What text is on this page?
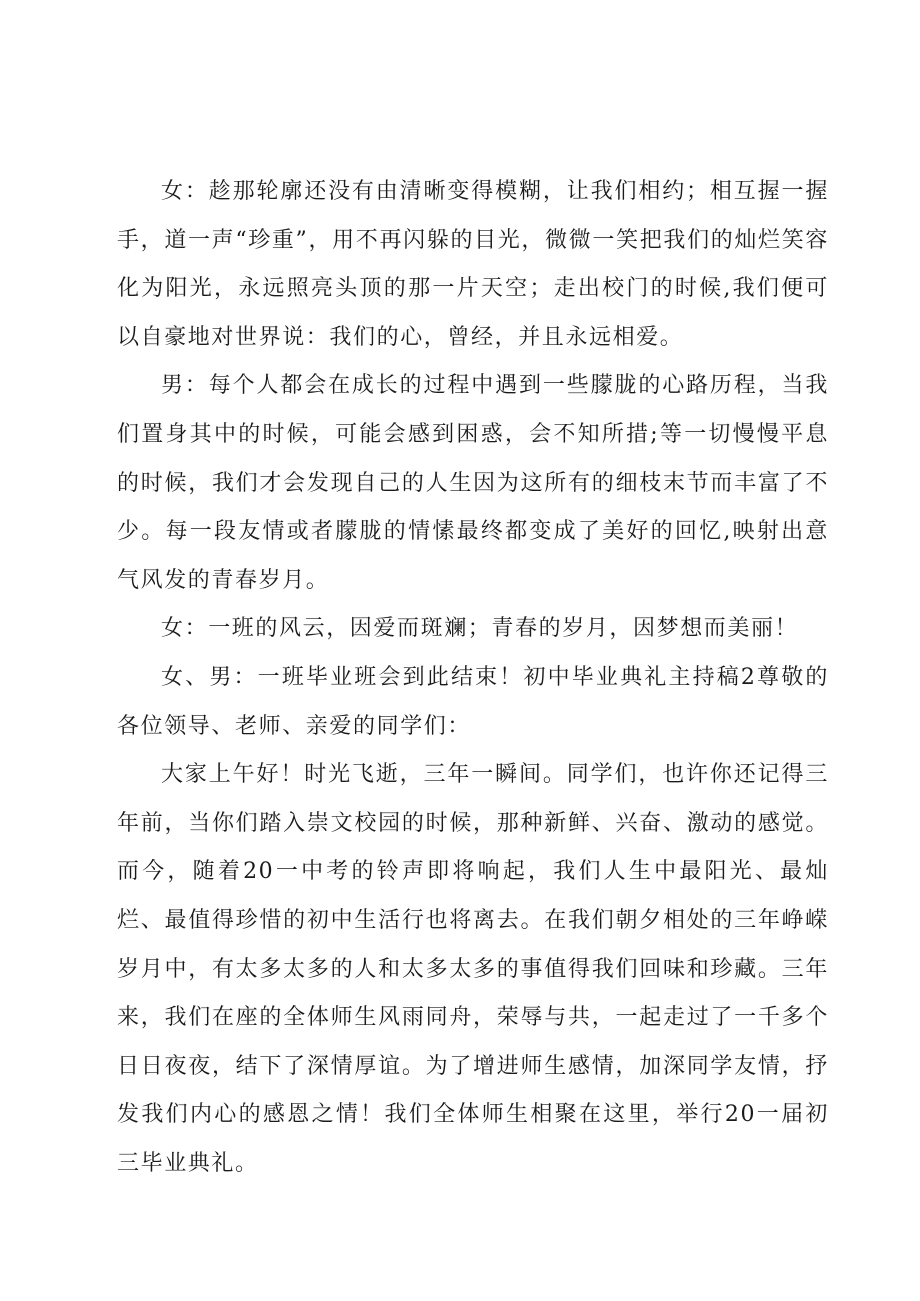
女：趁那轮廓还没有由清晰变得模糊，让我们相约；相互握一握手，道一声“珍重”，用不再闪躲的目光，微微一笑把我们的灿烂笑容化为阳光，永远照亮头顶的那一片天空；走出校门的时候,我们便可以自豪地对世界说：我们的心，曾经，并且永远相爱。

男：每个人都会在成长的过程中遇到一些朦胧的心路历程，当我们置身其中的时候，可能会感到困惑，会不知所措;等一切慢慢平息的时候，我们才会发现自己的人生因为这所有的细枝末节而丰富了不少。每一段友情或者朦胧的情愫最终都变成了美好的回忆,映射出意气风发的青春岁月。

女：一班的风云，因爱而斑斓；青春的岁月，因梦想而美丽！

女、男：一班毕业班会到此结束！初中毕业典礼主持稿2尊敬的各位领导、老师、亲爱的同学们：

大家上午好！时光飞逝，三年一瞬间。同学们，也许你还记得三年前，当你们踏入崇文校园的时候，那种新鲜、兴奋、激动的感觉。而今，随着20一中考的铃声即将响起，我们人生中最阳光、最灿烂、最值得珍惜的初中生活行也将离去。在我们朝夕相处的三年峥嵘岁月中，有太多太多的人和太多太多的事值得我们回味和珍藏。三年来，我们在座的全体师生风雨同舟，荣辱与共，一起走过了一千多个日日夜夜，结下了深情厚谊。为了增进师生感情，加深同学友情，抒发我们内心的感恩之情！我们全体师生相聚在这里，举行20一届初三毕业典礼。
